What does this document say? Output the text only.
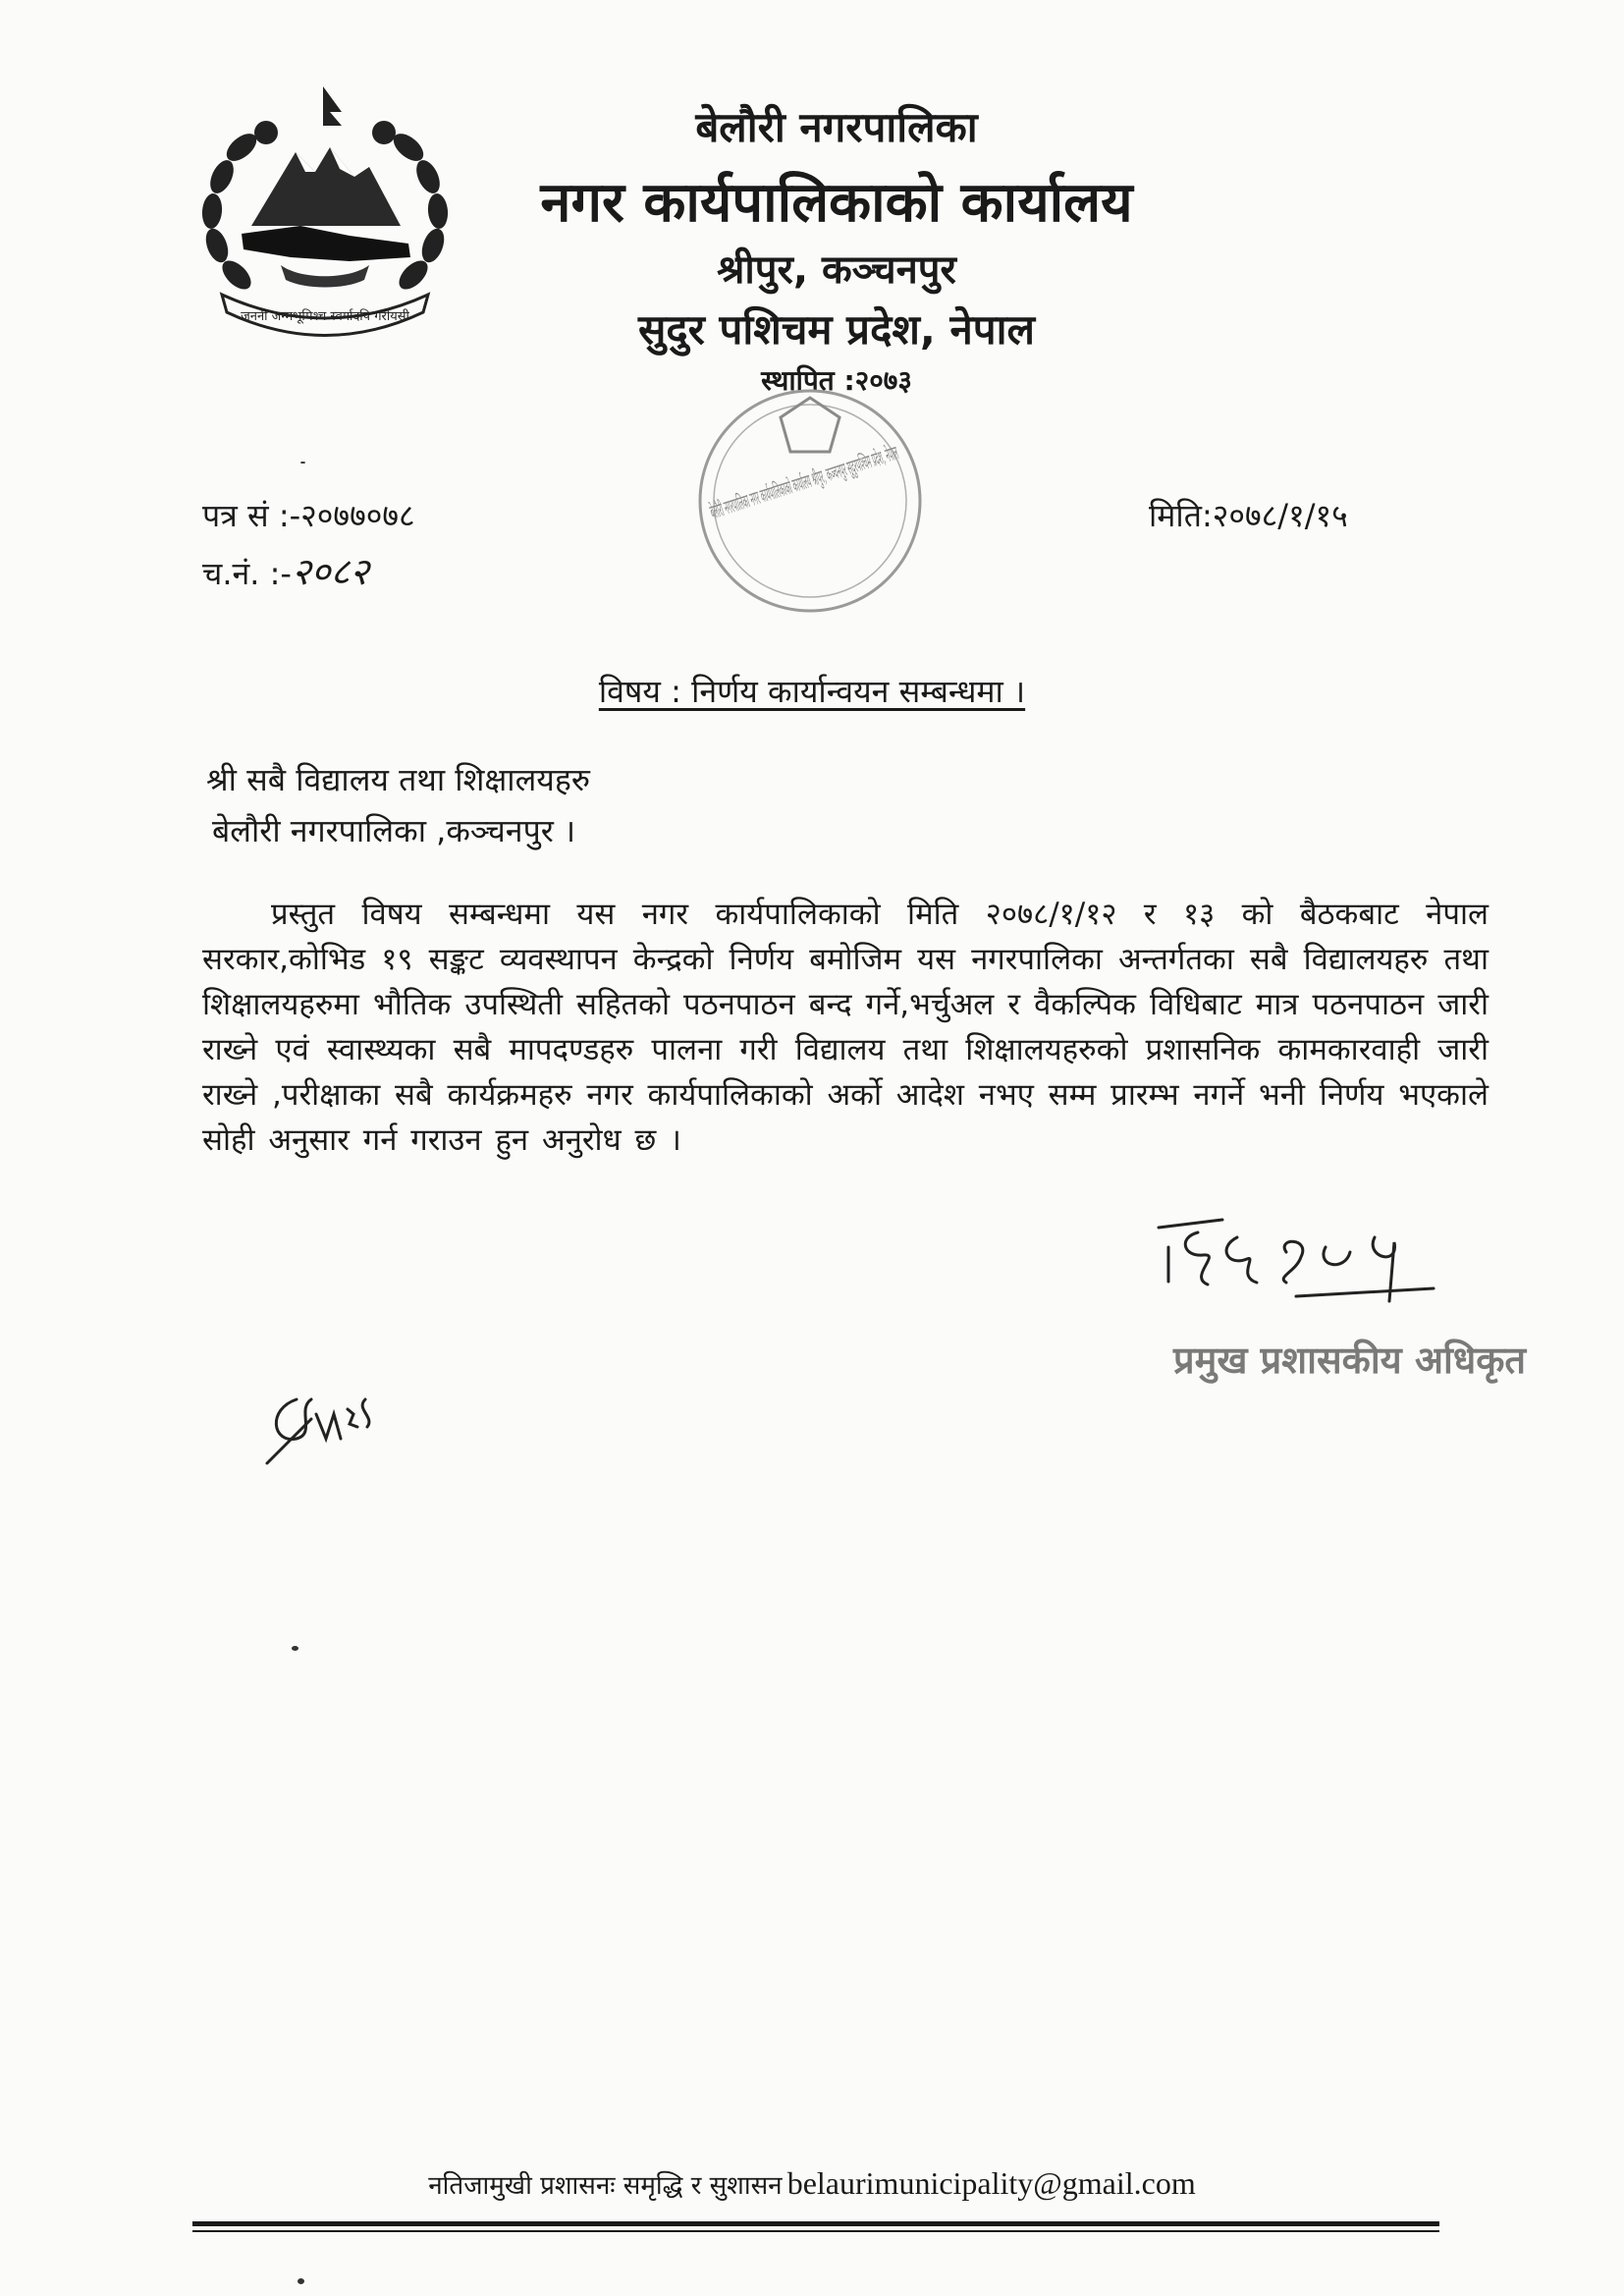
जननी जन्मभूमिश्च स्वर्गादपि गरीयसी
बेलौरी नगरपालिका
नगर कार्यपालिकाको कार्यालय
श्रीपुर, कञ्चनपुर
सुदुर पशिचम प्रदेश, नेपाल
स्थापित :२०७३
बेलौरी नगरपालिका नगर कार्यपालिकाको
पत्र सं :-२०७७०७८
च.नं. :-२०८२
मिति:२०७८/१/१५
विषय : निर्णय कार्यान्वयन सम्बन्धमा ।
श्री सबै विद्यालय तथा शिक्षालयहरु
बेलौरी नगरपालिका ,कञ्चनपुर ।
प्रस्तुत विषय सम्बन्धमा यस नगर कार्यपालिकाको मिति २०७८/१/१२ र १३ को बैठकबाट नेपाल सरकार,कोभिड १९ सङ्कट व्यवस्थापन केन्द्रको निर्णय बमोजिम यस नगरपालिका अन्तर्गतका सबै विद्यालयहरु तथा शिक्षालयहरुमा भौतिक उपस्थिती सहितको पठनपाठन बन्द गर्ने,भर्चुअल र वैकल्पिक विधिबाट मात्र पठनपाठन जारी राख्ने एवं स्वास्थ्यका सबै मापदण्डहरु पालना गरी विद्यालय तथा शिक्षालयहरुको प्रशासनिक कामकारवाही जारी राख्ने ,परीक्षाका सबै कार्यक्रमहरु नगर कार्यपालिकाको अर्को आदेश नभए सम्म प्रारम्भ नगर्ने भनी निर्णय भएकाले सोही अनुसार गर्न गराउन हुन अनुरोध छ ।
प्रमुख प्रशासकीय अधिकृत
नतिजामुखी प्रशासनः समृद्धि र सुशासन belaurimunicipality@gmail.com
